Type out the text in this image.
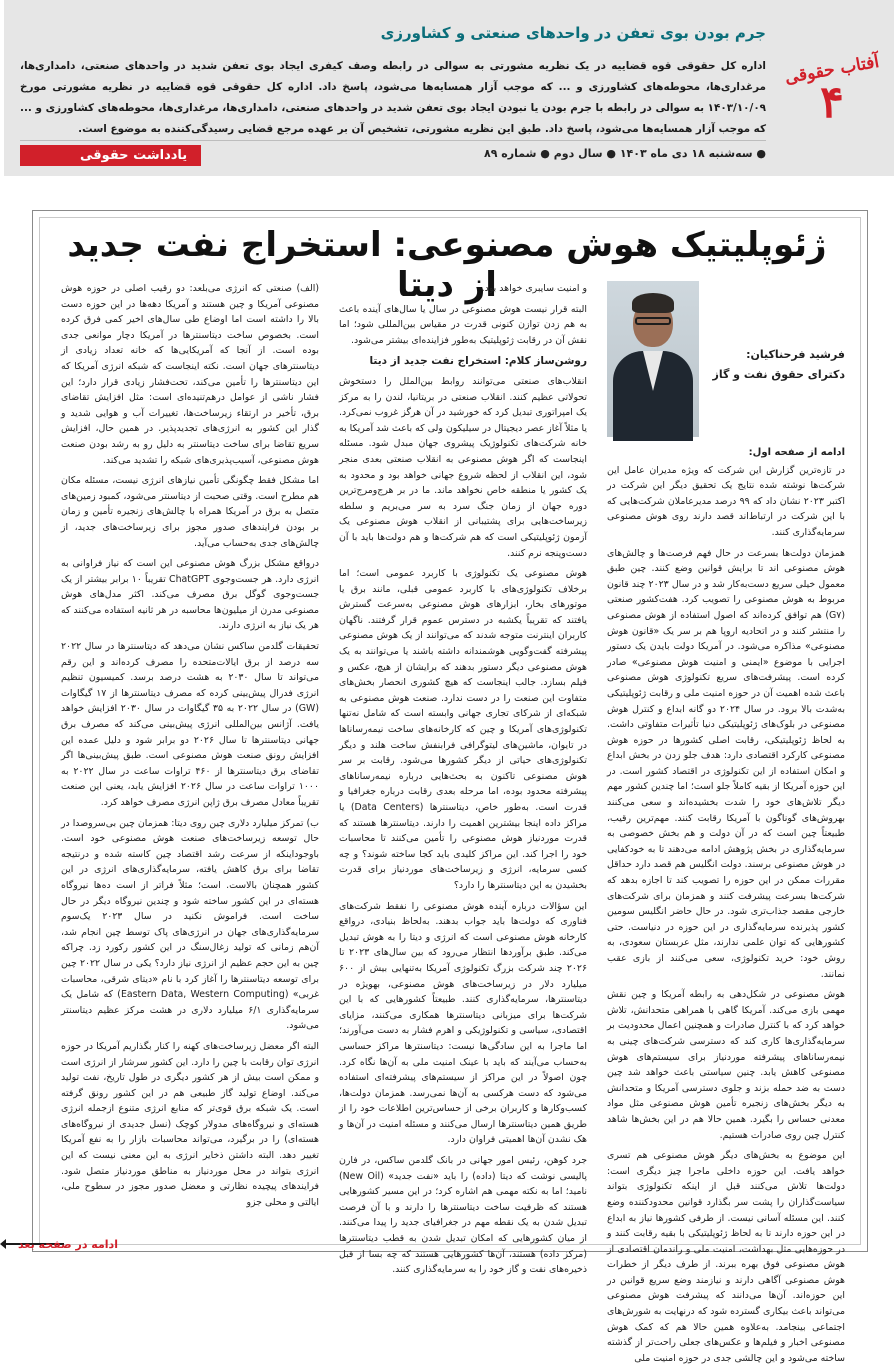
جرم بودن بوی تعفن در واحدهای صنعتی و کشاورزی
اداره کل حقوقی قوه قضاییه در یک نظریه مشورتی به سوالی در رابطه وصف کیفری ایجاد بوی تعفن شدید در واحدهای صنعتی، دامداری‌ها، مرغداری‌ها، محوطه‌های کشاورزی و ... که موجب آزار همسایه‌ها می‌شود، پاسخ داد. اداره کل حقوقی قوه قضاییه در نظریه مشورتی مورخ ۱۴۰۳/۱۰/۰۹ به سوالی در رابطه با جرم بودن یا نبودن ایجاد بوی تعفن شدید در واحدهای صنعتی، دامداری‌ها، مرغداری‌ها، محوطه‌های کشاورزی و ... که موجب آزار همسایه‌ها می‌شود، پاسخ داد. طبق این نظریه مشورتی، تشخیص آن بر عهده مرجع قضایی رسیدگی‌کننده به موضوع است.
● سه‌شنبه ۱۸ دی ماه ۱۴۰۳ ● سال دوم ● شماره ۸۹
یادداشت حقوقی
آفتاب حقوقی
۴
ژئوپلیتیک هوش مصنوعی: استخراج نفت جدید از دیتا
فرشید فرحناکیان:
دکترای حقوق نفت و گاز
ادامه از صفحه اول:

در تازه‌ترین گزارش این شرکت که ویژه مدیران عامل این شرکت‌ها نوشته شده نتایج یک تحقیق دیگر این شرکت در اکتبر ۲۰۲۳ نشان داد که ۹۹ درصد مدیرعاملان شرکت‌هایی که با این شرکت در ارتباط‌اند قصد دارند روی هوش مصنوعی سرمایه‌گذاری کنند.

همزمان دولت‌ها بسرعت در حال فهم فرصت‌ها و چالش‌های هوش مصنوعی اند تا برایش قوانین وضع کنند. چین طبق معمول خیلی سریع دست‌به‌کار شد و در سال ۲۰۲۳ چند قانون مربوط به هوش مصنوعی را تصویب کرد. هفت‌کشور صنعتی (G۷) هم توافق کرده‌اند که اصول استفاده از هوش مصنوعی را منتشر کنند و در اتحادیه اروپا هم بر سر یک «قانون هوش مصنوعی» مذاکره می‌شود. در آمریکا دولت بایدن یک دستور اجرایی با موضوع «ایمنی و امنیت هوش مصنوعی» صادر کرده است. پیشرفت‌های سریع تکنولوژی هوش مصنوعی باعث شده اهمیت آن در حوزه امنیت ملی و رقابت ژئوپلیتیکی به‌شدت بالا برود. در سال ۲۰۲۴ دو گانه ابداع و کنترل هوش مصنوعی در بلوک‌های ژئوپلیتیکی دنیا تأثیرات متفاوتی داشت. به لحاظ ژئوپلیتیکی، رقابت اصلی کشورها در حوزه هوش مصنوعی کارکرد اقتصادی دارد: هدف جلو زدن در بخش ابداع و امکان استفاده از این تکنولوژی در اقتصاد کشور است. در این حوزه آمریکا از بقیه کاملاً جلو است؛ اما چندین کشور مهم دیگر تلاش‌های خود را شدت بخشیده‌اند و سعی می‌کنند بهروش‌های گوناگون با آمریکا رقابت کنند. مهم‌ترین رقیب، طبیعتاً چین است که در آن دولت و هم بخش خصوصی به سرمایه‌گذاری در بخش پژوهش ادامه می‌دهند تا به خودکفایی در هوش مصنوعی برسند. دولت انگلیس هم قصد دارد حداقل مقررات ممکن در این حوزه را تصویب کند تا اجازه بدهد که شرکت‌ها بسرعت پیشرفت کنند و همزمان برای شرکت‌های خارجی مقصد جذاب‌تری شود. در حال حاضر انگلیس سومین کشور پذیرنده سرمایه‌گذاری در این حوزه در دنیاست. حتی کشورهایی که توان علمی ندارند، مثل عربستان سعودی، به روش خود: خرید تکنولوژی، سعی می‌کنند از بازی عقب نمانند.

هوش مصنوعی در شکل‌دهی به رابطه آمریکا و چین نقش مهمی بازی می‌کند. آمریکا گاهی با همراهی متحدانش، تلاش خواهد کرد که با کنترل صادرات و همچنین اعمال محدودیت بر سرمایه‌گذاری‌ها کاری کند که دسترسی شرکت‌های چینی به نیمه‌رساناهای پیشرفته موردنیاز برای سیستم‌های هوش مصنوعی کاهش یابد. چنین سیاستی باعث خواهد شد چین دست به ضد حمله بزند و جلوی دسترسی آمریکا و متحدانش به دیگر بخش‌های زنجیره تأمین هوش مصنوعی مثل مواد معدنی حساس را بگیرد. همین حالا هم در این بخش‌ها شاهد کنترل چین روی صادرات هستیم.

این موضوع به بخش‌های دیگر هوش مصنوعی هم تسری خواهد یافت. این حوزه داخلی ماجرا چیز دیگری است: دولت‌ها تلاش می‌کنند قبل از اینکه تکنولوژی بتواند سیاست‌گذاران را پشت سر بگذارد قوانین محدودکننده وضع کنند. این مسئله آسانی نیست. از طرفی کشورها نیاز به ابداع در این حوزه دارند تا به لحاظ ژئوپلیتیکی با بقیه رقابت کنند و در حوزه‌هایی مثل بهداشت، امنیت ملی و راندمان اقتصادی از هوش مصنوعی فوق بهره ببرند. از طرف دیگر از خطرات هوش مصنوعی آگاهی دارند و نیازمند وضع سریع قوانین در این حوزه‌اند. آن‌ها می‌دانند که پیشرفت هوش مصنوعی می‌تواند باعث بیکاری گسترده شود که درنهایت به شورش‌های اجتماعی بینجامد. به‌علاوه همین حالا هم که کمک هوش مصنوعی اخبار و فیلم‌ها و عکس‌های جعلی راحت‌تر از گذشته ساخته می‌شود و این چالشی جدی در حوزه امنیت ملی

و امنیت سایبری خواهد بود.

البته قرار نیست هوش مصنوعی در سال یا سال‌های آینده باعث به هم زدن توازن کنونی قدرت در مقیاس بین‌المللی شود؛ اما نقش آن در رقابت ژئوپلیتیک به‌طور فزاینده‌ای بیشتر می‌شود.

روشن‌ساز کلام: استخراج نفت جدید از دیتا

انقلاب‌های صنعتی می‌توانند روابط بین‌الملل را دستخوش تحولاتی عظیم کنند. انقلاب صنعتی در بریتانیا، لندن را به مرکز یک امپراتوری تبدیل کرد که خورشید در آن هرگز غروب نمی‌کرد. یا مثلاً آغاز عصر دیجیتال در سیلیکون ولی که باعث شد آمریکا به خانه شرکت‌های تکنولوژیک پیشروی جهان مبدل شود. مسئله اینجاست که اگر هوش مصنوعی به انقلاب صنعتی بعدی منجر شود، این انقلاب از لحظه شروع جهانی خواهد بود و محدود به یک کشور یا منطقه خاص نخواهد ماند. ما در بر هرج‌ومرج‌ترین دوره جهان از زمان جنگ سرد به سر می‌بریم و سلطه زیرساخت‌هایی برای پشتیبانی از انقلاب هوش مصنوعی یک آزمون ژئوپلیتیکی است که هم شرکت‌ها و هم دولت‌ها باید با آن دست‌وپنجه نرم کنند.

هوش مصنوعی یک تکنولوژی با کاربرد عمومی است؛ اما برخلاف تکنولوژی‌های با کاربرد عمومی قبلی، مانند برق یا موتورهای بخار، ابزارهای هوش مصنوعی به‌سرعت گسترش یافتند که تقریباً یکشبه در دسترس عموم قرار گرفتند. ناگهان کاربران اینترنت متوجه شدند که می‌توانند از یک هوش مصنوعی پیشرفته گفت‌وگویی هوشمندانه داشته باشند یا می‌توانند به یک هوش مصنوعی دیگر دستور بدهند که برایشان از هیچ، عکس و فیلم بسازد. جالب اینجاست که هیچ کشوری انحصار بخش‌های متفاوت این صنعت را در دست ندارد. صنعت هوش مصنوعی به شبکه‌ای از شرکای تجاری جهانی وابسته است که شامل نه‌تنها تکنولوژی‌های آمریکا و چین که کارخانه‌های ساخت نیمه‌رساناها در تایوان، ماشین‌های لیتوگرافی فرابنفش ساخت هلند و دیگر تکنولوژی‌های حیاتی از دیگر کشورها می‌شود. رقابت بر سر هوش مصنوعی تاکنون به بحث‌هایی درباره نیمه‌رساناهای پیشرفته محدود بوده، اما مرحله بعدی رقابت درباره جغرافیا و قدرت است. به‌طور خاص، دیتاسنترها (Data Centers) یا مراکز داده اینجا بیشترین اهمیت را دارند. دیتاسنترها هستند که قدرت موردنیاز هوش مصنوعی را تأمین می‌کنند تا محاسبات خود را اجرا کند. این مراکز کلیدی باید کجا ساخته شوند؟ و چه کسی سرمایه، انرژی و زیرساخت‌های موردنیاز برای قدرت بخشیدن به این دیتاسنترها را دارد؟

این سؤالات درباره آینده هوش مصنوعی را نفقط شرکت‌های فناوری که دولت‌ها باید جواب بدهند. به‌لحاظ بنیادی، درواقع کارخانه هوش مصنوعی است که انرژی و دیتا را به هوش تبدیل می‌کند. طبق برآوردها انتظار می‌رود که بین سال‌های ۲۰۲۳ تا ۲۰۲۶ چند شرکت بزرگ تکنولوژی آمریکا به‌تنهایی بیش از ۶۰۰ میلیارد دلار در زیرساخت‌های هوش مصنوعی، بهویژه در دیتاسنترها، سرمایه‌گذاری کنند. طبیعتاً کشورهایی که با این شرکت‌ها برای میزبانی دیتاسنترها همکاری می‌کنند، مزایای اقتصادی، سیاسی و تکنولوژیکی و اهرم فشار به دست می‌آورند؛ اما ماجرا به این سادگی‌ها نیست: دیتاسنترها مراکز حساسی به‌حساب می‌آیند که باید با عینک امنیت ملی به آن‌ها نگاه کرد. چون اصولاً در این مراکز از سیستم‌های پیشرفته‌ای استفاده می‌شود که دست هرکسی به آن‌ها نمی‌رسد. همزمان دولت‌ها، کسب‌وکارها و کاربران برخی از حساس‌ترین اطلاعات خود را از طریق همین دیتاسنترها ارسال می‌کنند و مسئله امنیت در آن‌ها و هک نشدن آن‌ها اهمیتی فراوان دارد.

جرد کوهن، رئیس امور جهانی در بانک گلدمن ساکس، در فارن پالیسی نوشت که دیتا (داده) را باید «نفت جدید» (New Oil) نامید؛ اما به نکته مهمی هم اشاره کرد؛ در این مسیر کشورهایی هستند که ظرفیت ساخت دیتاسنترها را دارند و با آن فرصت تبدیل شدن به یک نقطه مهم در جغرافیای جدید را پیدا می‌کنند. از میان کشورهایی که امکان تبدیل شدن به قطب دیتاسنترها (مرکز داده) هستند، آن‌ها کشورهایی هستند که چه بسا از قبل ذخیره‌های نفت و گاز خود را به سرمایه‌گذاری کنند.

(الف) صنعتی که انرژی می‌بلعد: دو رقیب اصلی در حوزه هوش مصنوعی آمریکا و چین هستند و آمریکا دهه‌ها در این حوزه دست بالا را داشته است اما اوضاع طی سال‌های اخیر کمی فرق کرده است. بخصوص ساخت دیتاسنترها در آمریکا دچار موانعی جدی بوده است. از آنجا که آمریکایی‌ها که خانه تعداد زیادی از دیتاسنترهای جهان است. نکته اینجاست که شبکه انرژی آمریکا که این دیتاسنترها را تأمین می‌کند، تحت‌فشار زیادی قرار دارد؛ این فشار ناشی از عوامل درهم‌تنیده‌ای است: مثل افزایش تقاضای برق، تأخیر در ارتقاء زیرساخت‌ها، تغییرات آب و هوایی شدید و گذار این کشور به انرژی‌های تجدیدپذیر. در همین حال، افزایش سریع تقاضا برای ساخت دیتاسنتر به دلیل رو به رشد بودن صنعت هوش مصنوعی، آسیب‌پذیری‌های شبکه را تشدید می‌کند.

اما مشکل فقط چگونگی تأمین نیازهای انرژی نیست، مسئله مکان هم مطرح است. وقتی صحبت از دیتاسنتر می‌شود، کمبود زمین‌های متصل به برق در آمریکا همراه با چالش‌های زنجیره تأمین و زمان بر بودن فرایندهای صدور مجوز برای زیرساخت‌های جدید، از چالش‌های جدی به‌حساب می‌آید.

درواقع مشکل بزرگ هوش مصنوعی این است که نیاز فراوانی به انرژی دارد. هر جست‌وجوی ChatGPT تقریباً ۱۰ برابر بیشتر از یک جست‌وجوی گوگل برق مصرف می‌کند. اکثر مدل‌های هوش مصنوعی مدرن از میلیون‌ها محاسبه در هر ثانیه استفاده می‌کنند که هر یک نیاز به انرژی دارند.

تحقیقات گلدمن ساکس نشان می‌دهد که دیتاسنترها در سال ۲۰۲۲ سه درصد از برق ایالات‌متحده را مصرف کرده‌اند و این رقم می‌تواند تا سال ۲۰۳۰ به هشت درصد برسد. کمیسیون تنظیم انرژی فدرال پیش‌بینی کرده که مصرف دیتاسنترها از ۱۷ گیگاوات (GW) در سال ۲۰۲۲ به ۳۵ گیگاوات در سال ۲۰۳۰ افزایش خواهد یافت. آژانس بین‌المللی انرژی پیش‌بینی می‌کند که مصرف برق جهانی دیتاسنترها تا سال ۲۰۲۶ دو برابر شود و دلیل عمده این افزایش رونق صنعت هوش مصنوعی است. طبق پیش‌بینی‌ها اگر تقاضای برق دیتاسنترها از ۴۶۰ تراوات ساعت در سال ۲۰۲۲ به ۱۰۰۰ تراوات ساعت در سال ۲۰۲۶ افزایش یابد، یعنی این صنعت تقریباً معادل مصرف برق ژاپن انرژی مصرف خواهد کرد.

ب) تمرکز میلیارد دلاری چین روی دیتا: همزمان چین بی‌سروصدا در حال توسعه زیرساخت‌های صنعت هوش مصنوعی خود است. باوجوداینکه از سرعت رشد اقتصاد چین کاسته شده و درنتیجه تقاضا برای برق کاهش یافته، سرمایه‌گذاری‌های انرژی در این کشور همچنان بالاست. است؛ مثلاً فراتر از است ده‌ها نیروگاه هسته‌ای در این کشور ساخته شود و چندین نیروگاه دیگر در حال ساخت است. فراموش نکنید در سال ۲۰۲۳ یک‌سوم سرمایه‌گذاری‌های جهان در انرژی‌های پاک توسط چین انجام شد، آن‌هم زمانی که تولید زغال‌سنگ در این کشور رکورد زد. چراکه چین به این حجم عظیم از انرژی نیاز دارد؟ یکی در سال ۲۰۲۲ چین برای توسعه دیتاسنترها را آغاز کرد با نام «دیتای شرقی، محاسبات غربی» (Eastern Data, Western Computing) که شامل یک سرمایه‌گذاری ۶/۱ میلیارد دلاری در هشت مرکز عظیم دیتاسنتر می‌شود.

البته اگر معضل زیرساخت‌های کهنه را کنار بگذاریم آمریکا در حوزه انرژی توان رقابت با چین را دارد. این کشور سرشار از انرژی است و ممکن است بیش از هر کشور دیگری در طول تاریخ، نفت تولید می‌کند. اوضاع تولید گاز طبیعی هم در این کشور رونق گرفته است. یک شبکه برق قوی‌تر که منابع انرژی متنوع ازجمله انرژی هسته‌ای و نیروگاه‌های مدولار کوچک (نسل جدیدی از نیروگاه‌های هسته‌ای) را در برگیرد، می‌تواند محاسبات بازار را به نفع آمریکا تغییر دهد. البته داشتن ذخایر انرژی به این معنی نیست که این انرژی بتواند در محل موردنیاز به مناطق موردنیاز متصل شود. فرایندهای پیچیده نظارتی و معضل صدور مجوز در سطوح ملی، ایالتی و محلی جزو

ادامه در صفحه بعد
